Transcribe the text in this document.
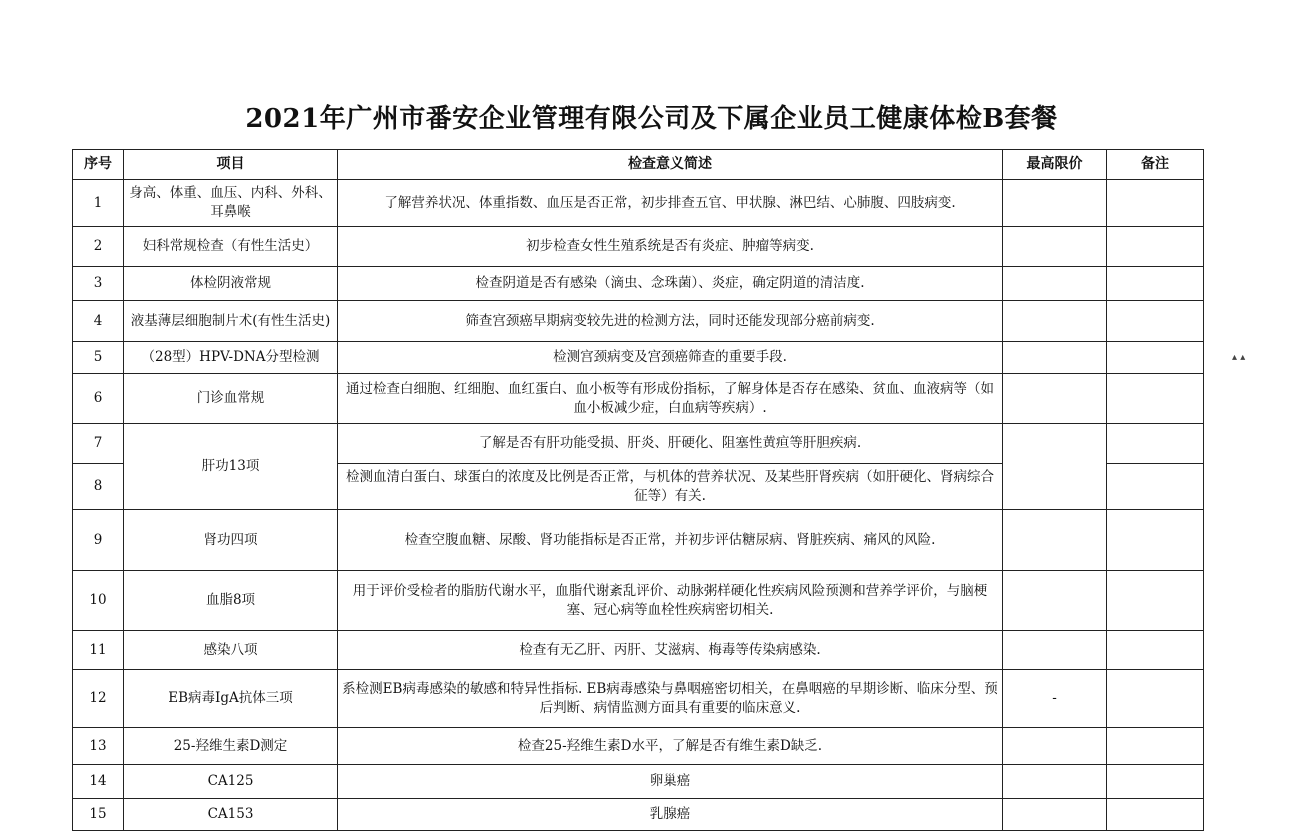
2021年广州市番安企业管理有限公司及下属企业员工健康体检B套餐
▴ ▴
序号	项目	检查意义简述	最高限价	备注
1	身高、体重、血压、内科、外科、耳鼻喉	了解营养状况、体重指数、血压是否正常，初步排查五官、甲状腺、淋巴结、心肺腹、四肢病变.		
2	妇科常规检查（有性生活史）	初步检查女性生殖系统是否有炎症、肿瘤等病变.		
3	体检阴液常规	检查阴道是否有感染（滴虫、念珠菌）、炎症，确定阴道的清洁度.		
4	液基薄层细胞制片术(有性生活史)	筛查宫颈癌早期病变较先进的检测方法，同时还能发现部分癌前病变.		
5	（28型）HPV-DNA分型检测	检测宫颈病变及宫颈癌筛查的重要手段.		
6	门诊血常规	通过检查白细胞、红细胞、血红蛋白、血小板等有形成份指标，了解身体是否存在感染、贫血、血液病等（如血小板减少症，白血病等疾病）.		
7	肝功13项	了解是否有肝功能受损、肝炎、肝硬化、阻塞性黄疸等肝胆疾病.		
8		检测血清白蛋白、球蛋白的浓度及比例是否正常，与机体的营养状况、及某些肝肾疾病（如肝硬化、肾病综合征等）有关.		
9	肾功四项	检查空腹血糖、尿酸、肾功能指标是否正常，并初步评估糖尿病、肾脏疾病、痛风的风险.		
10	血脂8项	用于评价受检者的脂肪代谢水平，血脂代谢紊乱评价、动脉粥样硬化性疾病风险预测和营养学评价，与脑梗塞、冠心病等血栓性疾病密切相关.		
11	感染八项	检查有无乙肝、丙肝、艾滋病、梅毒等传染病感染.		
12	EB病毒IgA抗体三项	系检测EB病毒感染的敏感和特异性指标. EB病毒感染与鼻咽癌密切相关，在鼻咽癌的早期诊断、临床分型、预后判断、病情监测方面具有重要的临床意义.	-	
13	25-羟维生素D测定	检查25-羟维生素D水平，了解是否有维生素D缺乏.		
14	CA125	卵巢癌		
15	CA153	乳腺癌		
